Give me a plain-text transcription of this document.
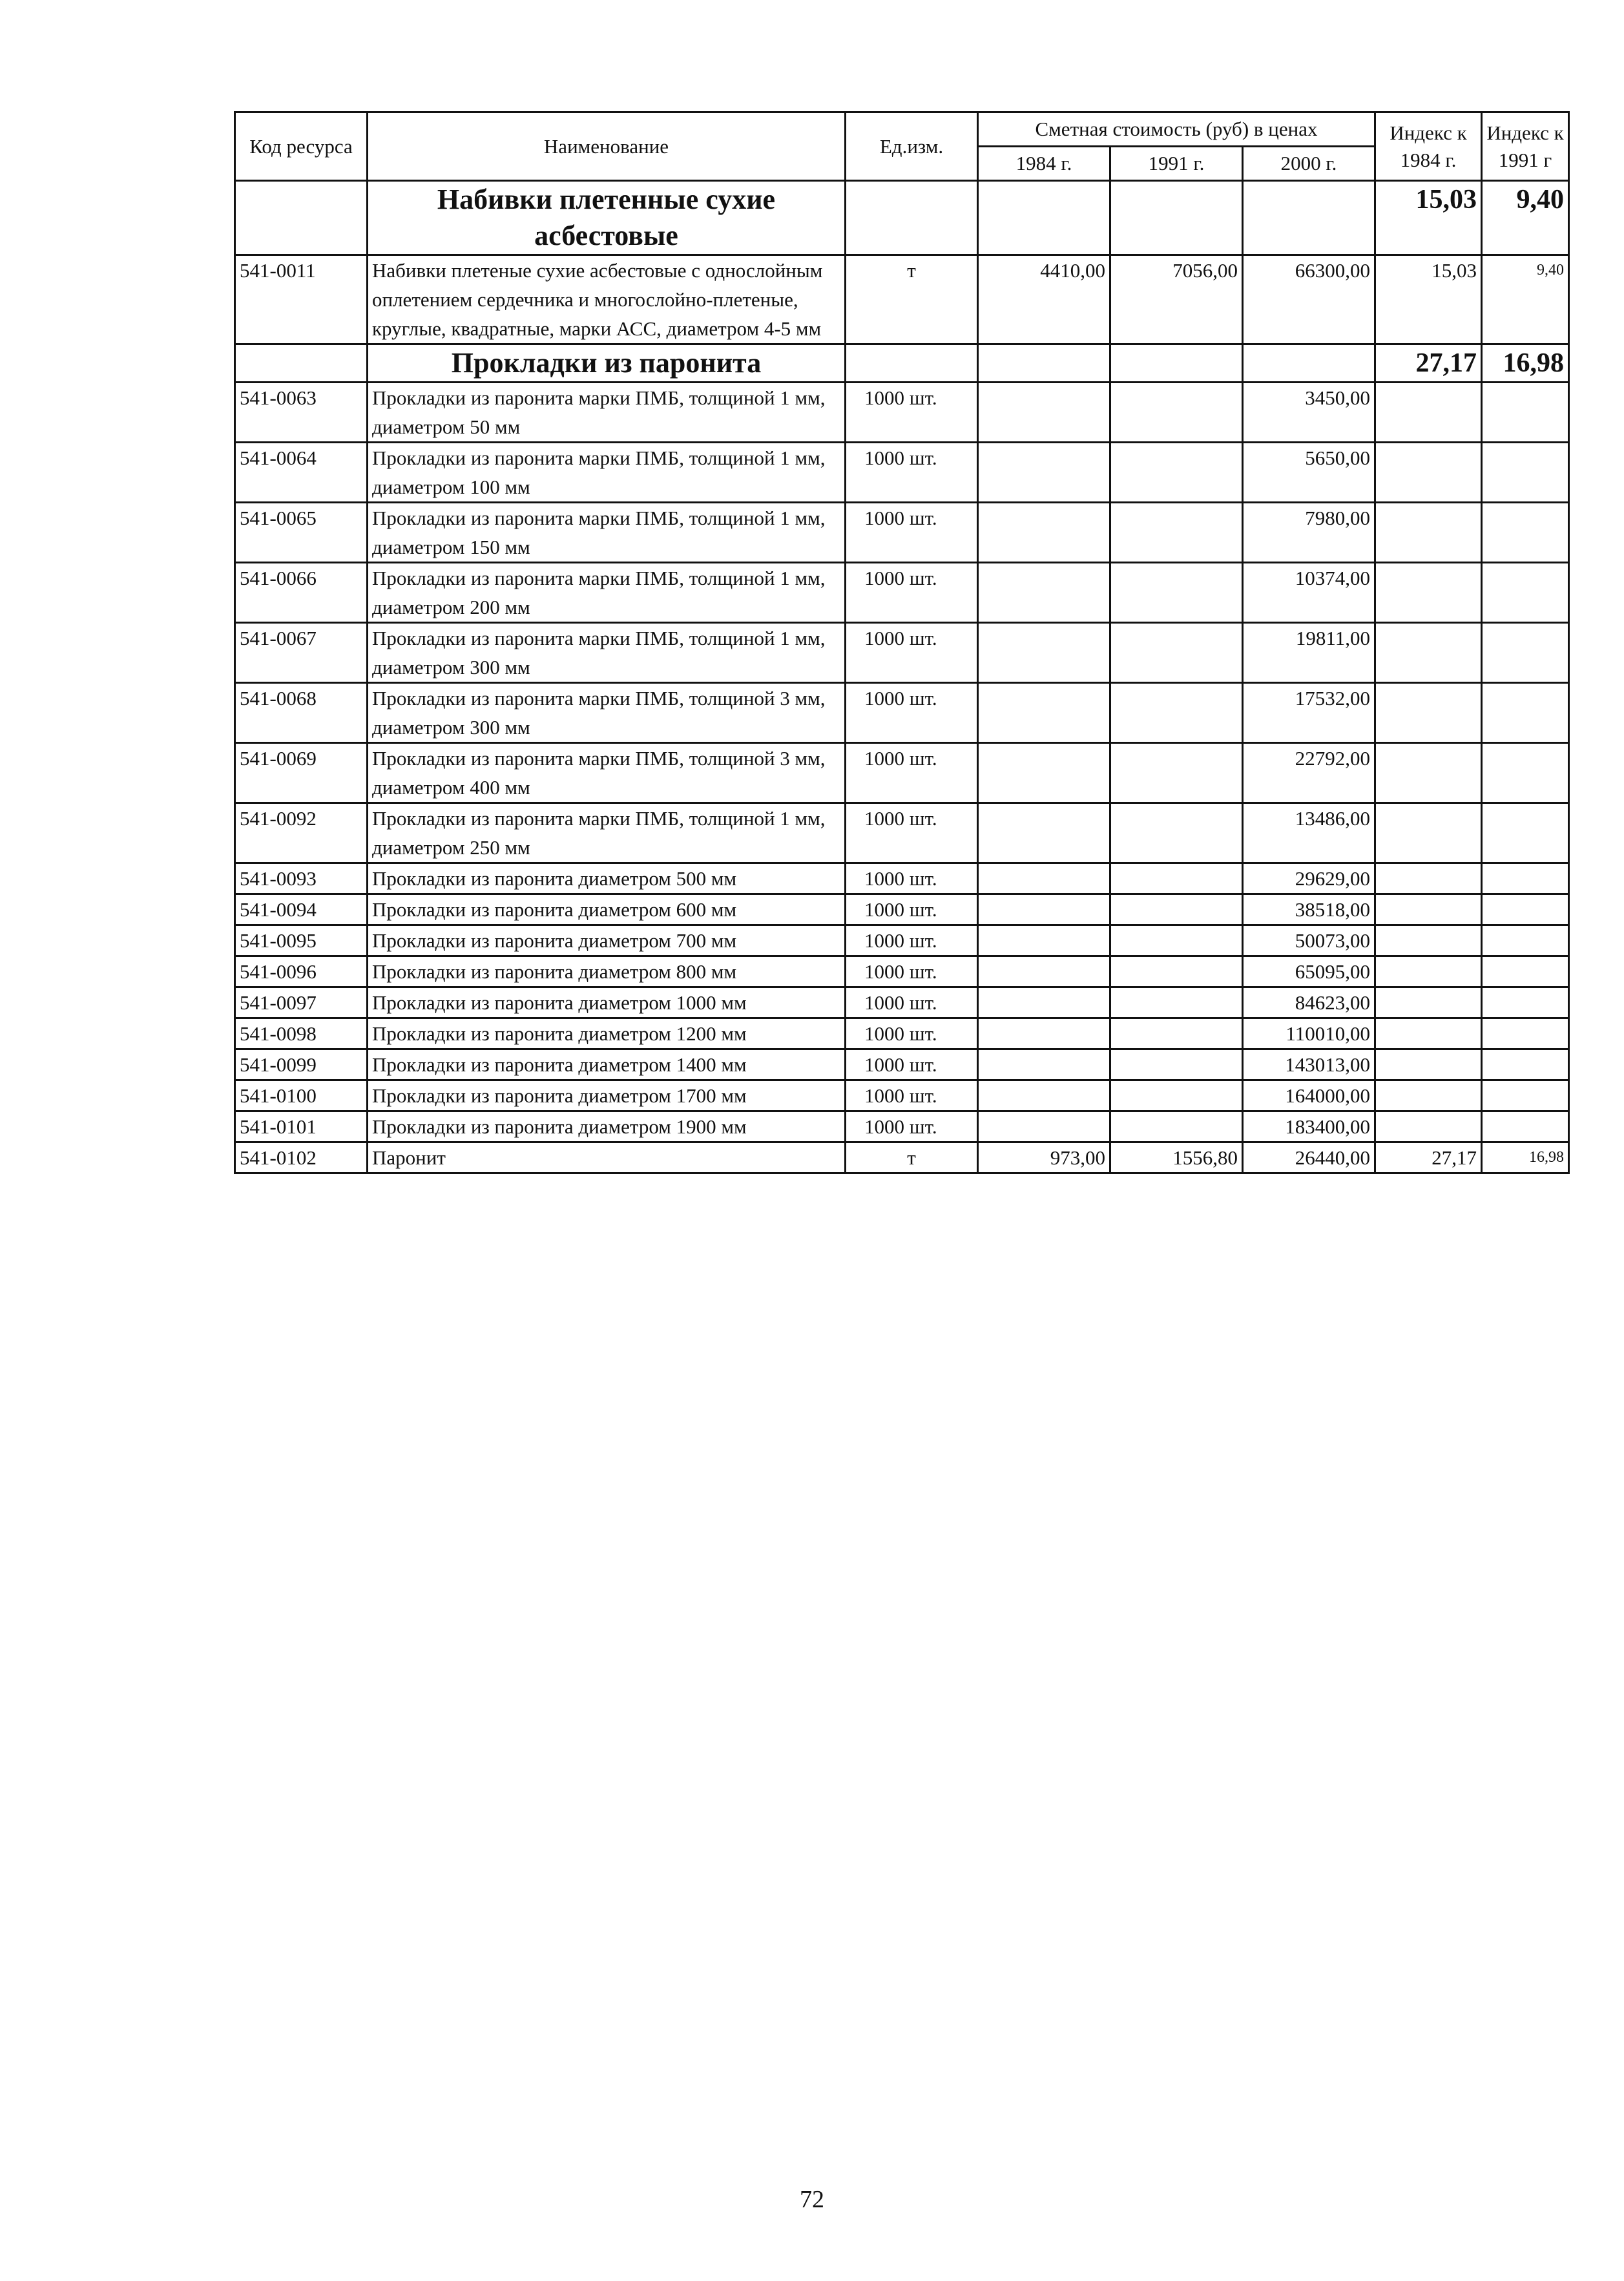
Код ресурса	Наименование	Ед.изм.	Сметная стоимость (руб) в ценах			Индекс к 1984 г.	Индекс к 1991 г
			1984 г.	1991 г.	2000 г.		
	Набивки плетенные сухие асбестовые					15,03	9,40
541-0011	Набивки плетеные сухие асбестовые с однослойным оплетением сердечника и многослойно-плетеные, круглые, квадратные, марки АСС, диаметром 4-5 мм	т	4410,00	7056,00	66300,00	15,03	9,40
	Прокладки из паронита					27,17	16,98
541-0063	Прокладки из паронита марки ПМБ, толщиной 1 мм, диаметром 50 мм	1000 шт.			3450,00		
541-0064	Прокладки из паронита марки ПМБ, толщиной 1 мм, диаметром 100 мм	1000 шт.			5650,00		
541-0065	Прокладки из паронита марки ПМБ, толщиной 1 мм, диаметром 150 мм	1000 шт.			7980,00		
541-0066	Прокладки из паронита марки ПМБ, толщиной 1 мм, диаметром 200 мм	1000 шт.			10374,00		
541-0067	Прокладки из паронита марки ПМБ, толщиной 1 мм, диаметром 300 мм	1000 шт.			19811,00		
541-0068	Прокладки из паронита марки ПМБ, толщиной 3 мм, диаметром 300 мм	1000 шт.			17532,00		
541-0069	Прокладки из паронита марки ПМБ, толщиной 3 мм, диаметром 400 мм	1000 шт.			22792,00		
541-0092	Прокладки из паронита марки ПМБ, толщиной 1 мм, диаметром 250 мм	1000 шт.			13486,00		
541-0093	Прокладки из паронита диаметром 500 мм	1000 шт.			29629,00		
541-0094	Прокладки из паронита диаметром 600 мм	1000 шт.			38518,00		
541-0095	Прокладки из паронита диаметром 700 мм	1000 шт.			50073,00		
541-0096	Прокладки из паронита диаметром 800 мм	1000 шт.			65095,00		
541-0097	Прокладки из паронита диаметром 1000 мм	1000 шт.			84623,00		
541-0098	Прокладки из паронита диаметром 1200 мм	1000 шт.			110010,00		
541-0099	Прокладки из паронита диаметром 1400 мм	1000 шт.			143013,00		
541-0100	Прокладки из паронита диаметром 1700 мм	1000 шт.			164000,00		
541-0101	Прокладки из паронита диаметром 1900 мм	1000 шт.			183400,00		
541-0102	Паронит	т	973,00	1556,80	26440,00	27,17	16,98
72
